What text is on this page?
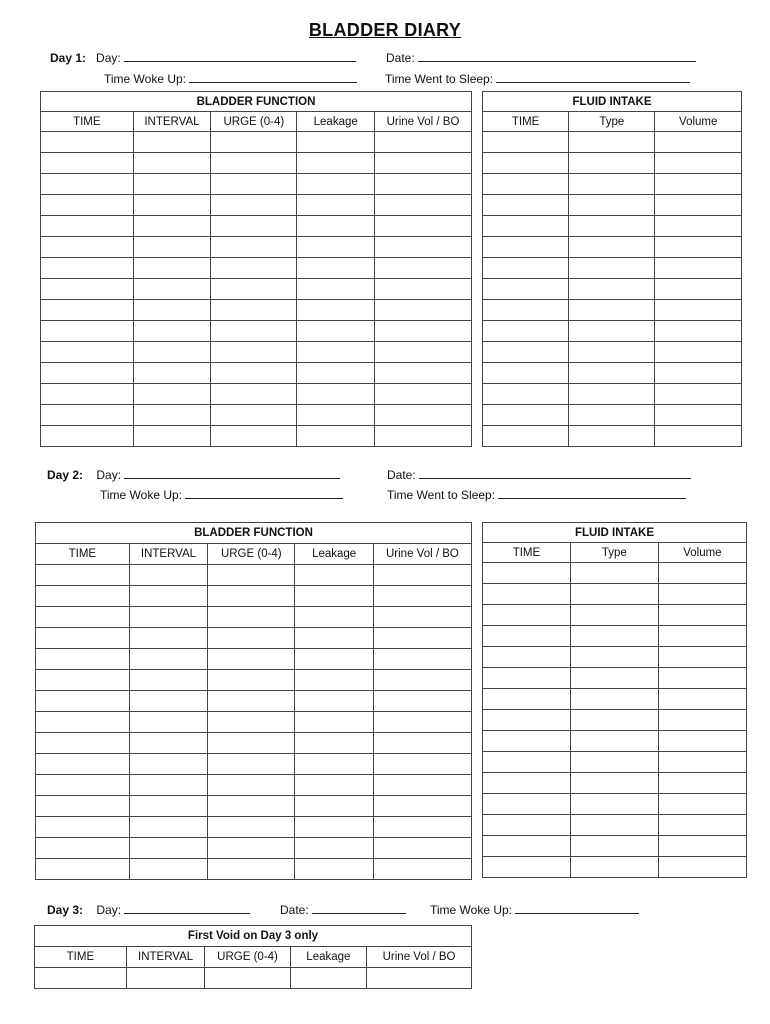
BLADDER DIARY
Day 1: Day:	Date:
Time Woke Up:	Time Went to Sleep:
BLADDER FUNCTION				
TIME	INTERVAL	URGE (0-4)	Leakage	Urine Vol / BO

FLUID INTAKE		
TIME	Type	Volume

Day 2: Day:	Date:
Time Woke Up:	Time Went to Sleep:
BLADDER FUNCTION				
TIME	INTERVAL	URGE (0-4)	Leakage	Urine Vol / BO

FLUID INTAKE		
TIME	Type	Volume

Day 3: Day:	Date:	Time Woke Up:
First Void on Day 3 only				
TIME	INTERVAL	URGE (0-4)	Leakage	Urine Vol / BO
